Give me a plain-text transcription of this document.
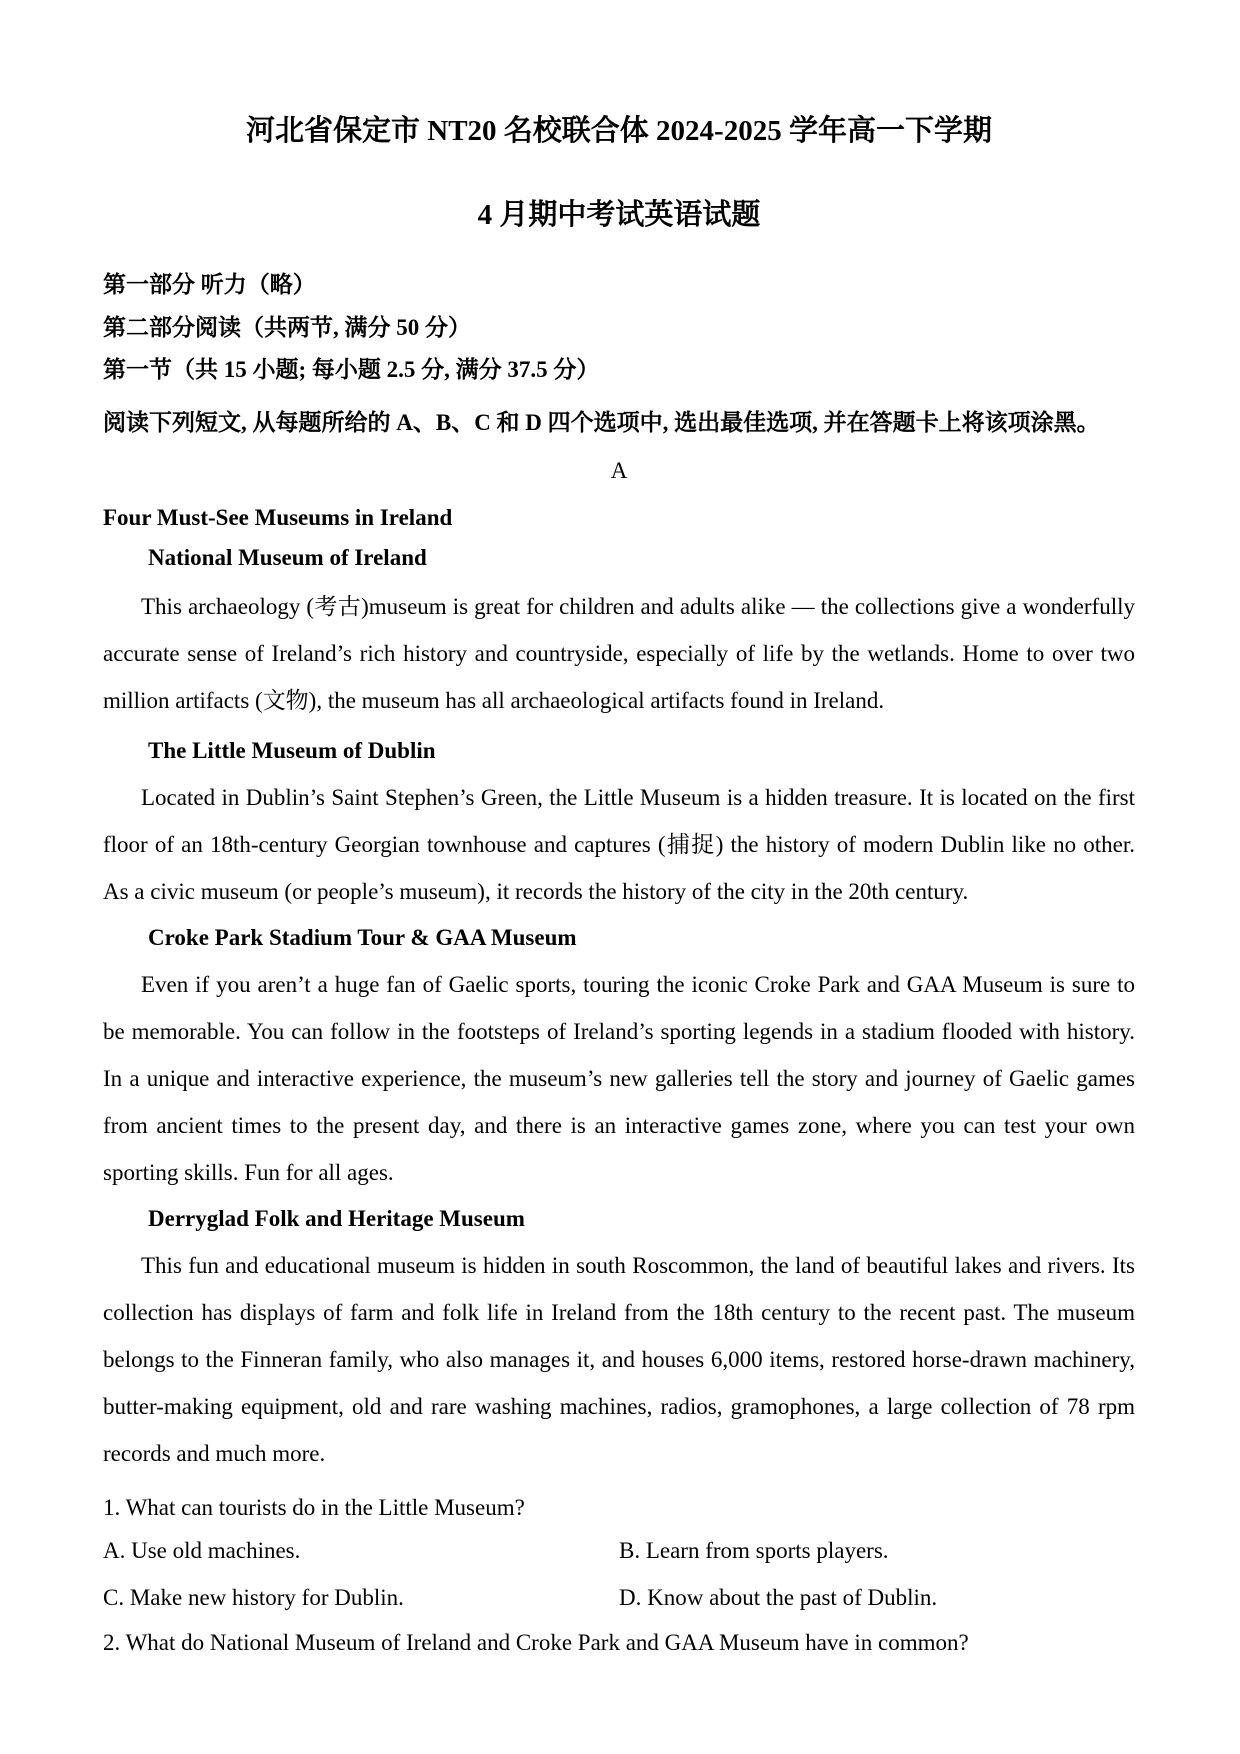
河北省保定市 NT20 名校联合体 2024-2025 学年高一下学期
4 月期中考试英语试题
第一部分 听力（略）
第二部分阅读（共两节, 满分 50 分）
第一节（共 15 小题; 每小题 2.5 分, 满分 37.5 分）
阅读下列短文, 从每题所给的 A、B、C 和 D 四个选项中, 选出最佳选项, 并在答题卡上将该项涂黑。
A
Four Must-See Museums in Ireland
National Museum of Ireland
This archaeology (考古)museum is great for children and adults alike — the collections give a wonderfully accurate sense of Ireland’s rich history and countryside, especially of life by the wetlands. Home to over two million artifacts (文物), the museum has all archaeological artifacts found in Ireland.
The Little Museum of Dublin
Located in Dublin’s Saint Stephen’s Green, the Little Museum is a hidden treasure. It is located on the first floor of an 18th-century Georgian townhouse and captures (捕捉) the history of modern Dublin like no other. As a civic museum (or people’s museum), it records the history of the city in the 20th century.
Croke Park Stadium Tour & GAA Museum
Even if you aren’t a huge fan of Gaelic sports, touring the iconic Croke Park and GAA Museum is sure to be memorable. You can follow in the footsteps of Ireland’s sporting legends in a stadium flooded with history. In a unique and interactive experience, the museum’s new galleries tell the story and journey of Gaelic games from ancient times to the present day, and there is an interactive games zone, where you can test your own sporting skills. Fun for all ages.
Derryglad Folk and Heritage Museum
This fun and educational museum is hidden in south Roscommon, the land of beautiful lakes and rivers. Its collection has displays of farm and folk life in Ireland from the 18th century to the recent past. The museum belongs to the Finneran family, who also manages it, and houses 6,000 items, restored horse-drawn machinery, butter-making equipment, old and rare washing machines, radios, gramophones, a large collection of 78 rpm records and much more.
1. What can tourists do in the Little Museum?
A. Use old machines.	B. Learn from sports players.
C. Make new history for Dublin.	D. Know about the past of Dublin.
2. What do National Museum of Ireland and Croke Park and GAA Museum have in common?
